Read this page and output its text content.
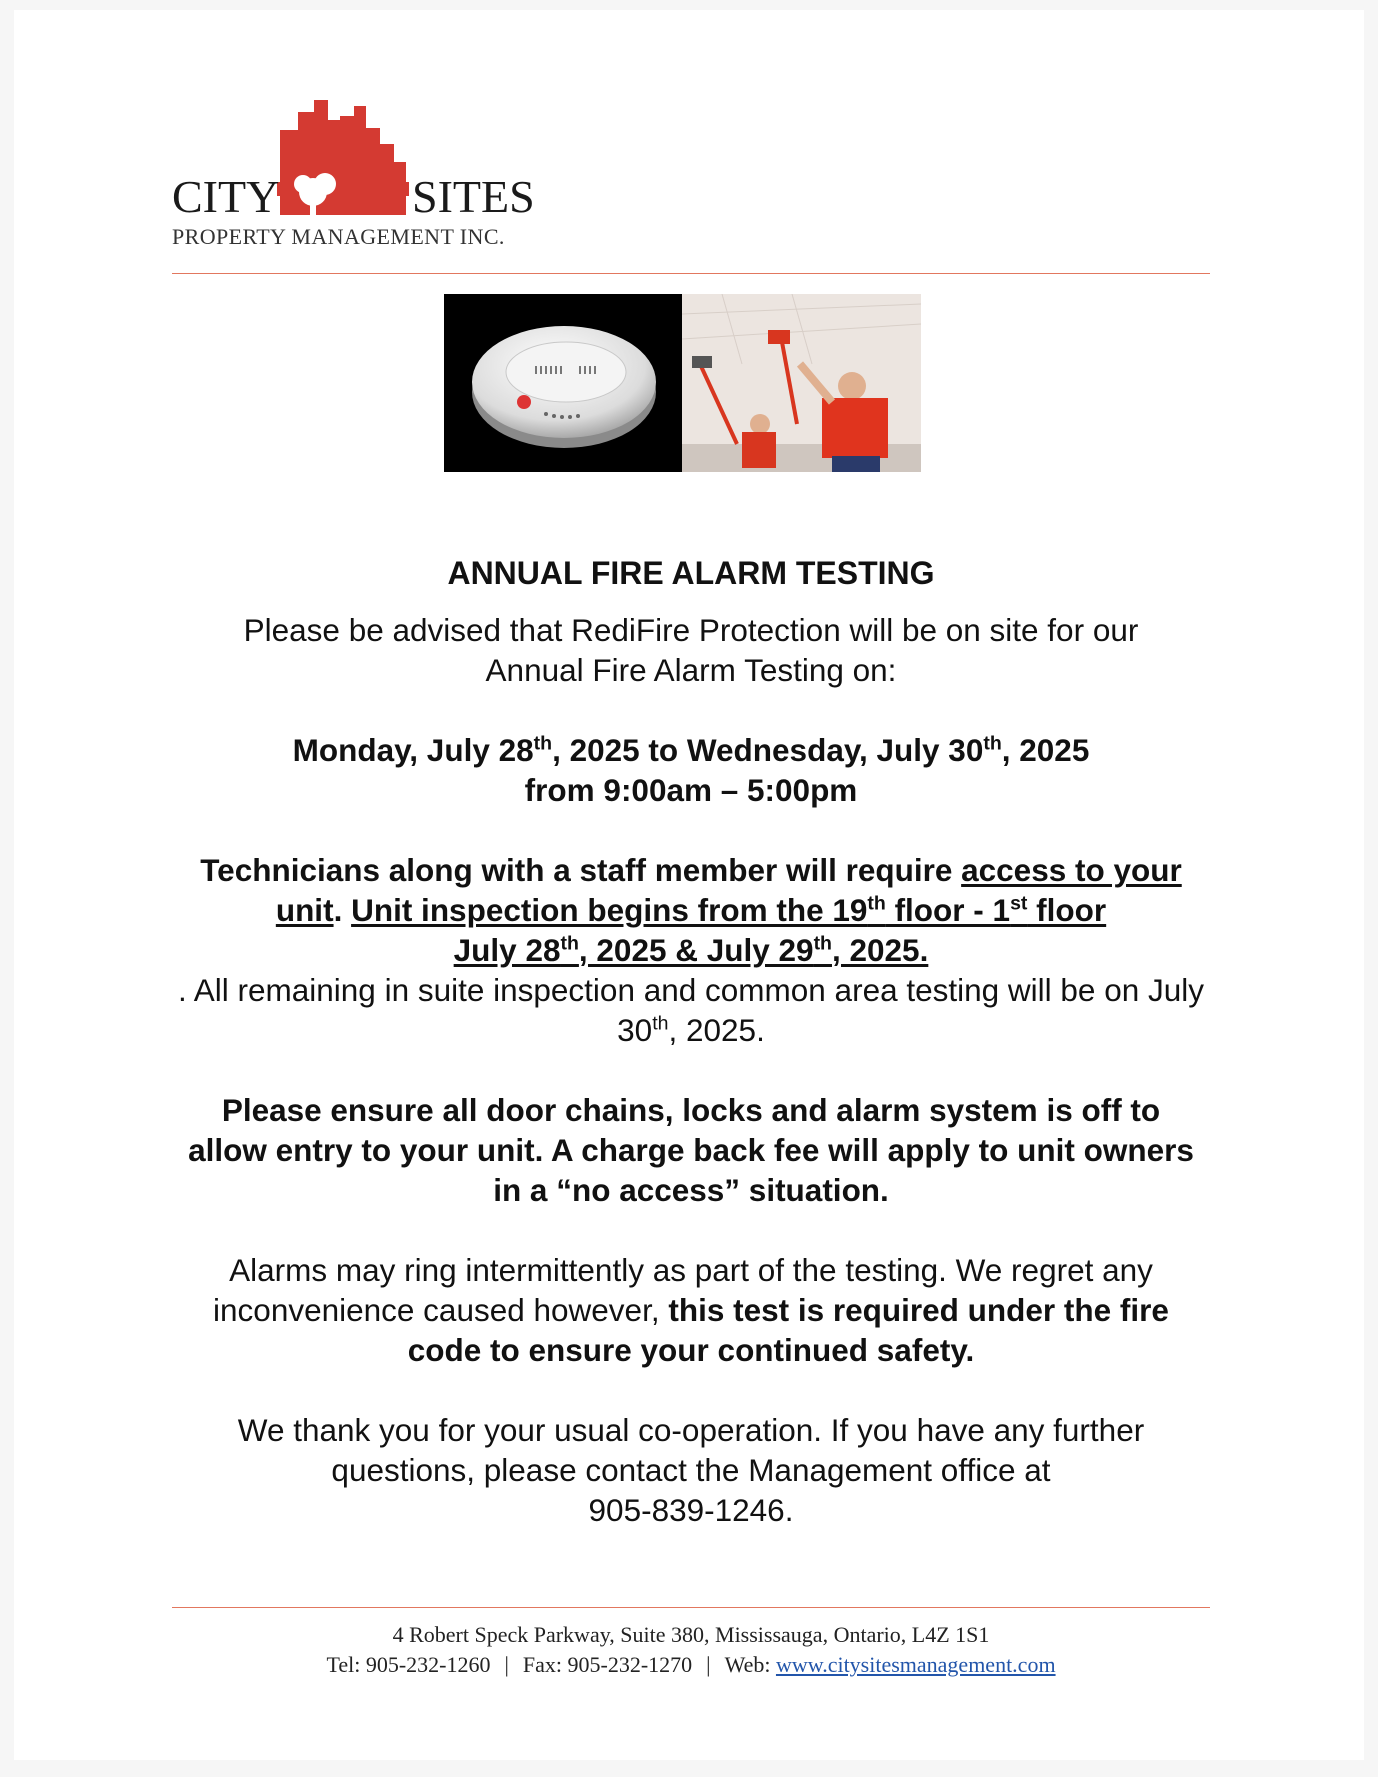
CITY	SITES
PROPERTY MANAGEMENT INC.

ANNUAL FIRE ALARM TESTING

Please be advised that RediFire Protection will be on site for our
Annual Fire Alarm Testing on:

Monday, July 28th, 2025 to Wednesday, July 30th, 2025
from 9:00am – 5:00pm

Technicians along with a staff member will require access to your unit. Unit inspection begins from the 19th floor - 1st floor
July 28th, 2025 & July 29th, 2025.
. All remaining in suite inspection and common area testing will be on July 30th, 2025.

Please ensure all door chains, locks and alarm system is off to allow entry to your unit. A charge back fee will apply to unit owners in a “no access” situation.

Alarms may ring intermittently as part of the testing. We regret any inconvenience caused however, this test is required under the fire code to ensure your continued safety.

We thank you for your usual co-operation. If you have any further questions, please contact the Management office at
905-839-1246.

4 Robert Speck Parkway, Suite 380, Mississauga, Ontario, L4Z 1S1
Tel: 905-232-1260 | Fax: 905-232-1270 | Web: www.citysitesmanagement.com
